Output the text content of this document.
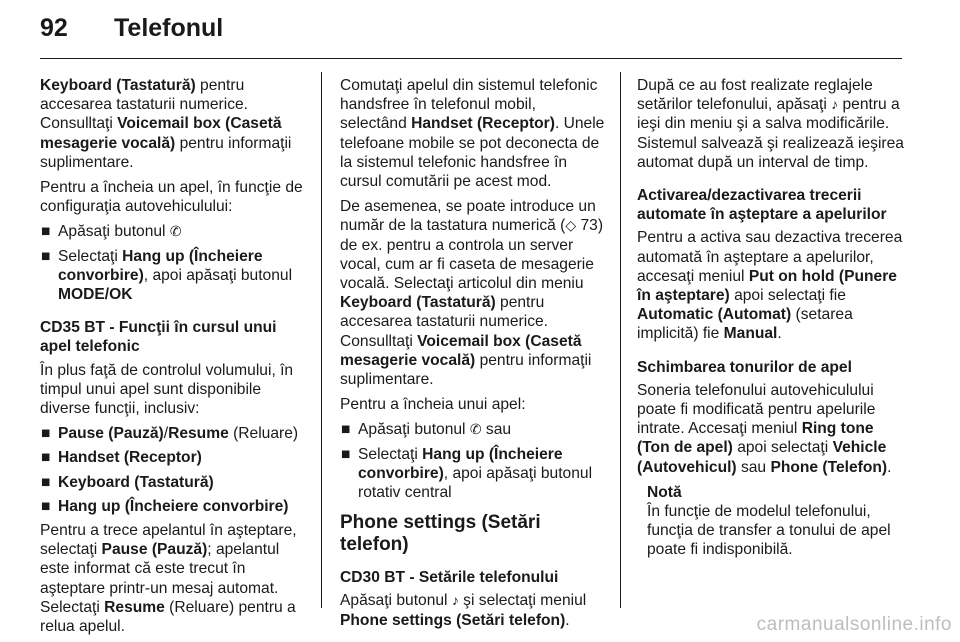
92	Telefonul

Keyboard (Tastatură) pentru accesarea tastaturii numerice. Consulltaţi Voicemail box (Casetă mesagerie vocală) pentru informaţii suplimentare.

Pentru a încheia un apel, în funcţie de configuraţia autovehiculului:

■ Apăsaţi butonul ✆
■ Selectaţi Hang up (Încheiere convorbire), apoi apăsaţi butonul MODE/OK
CD35 BT - Funcţii în cursul unui apel telefonic

În plus faţă de controlul volumului, în timpul unui apel sunt disponibile diverse funcţii, inclusiv:

■ Pause (Pauză)/Resume (Reluare)
■ Handset (Receptor)
■ Keyboard (Tastatură)
■ Hang up (Încheiere convorbire)

Pentru a trece apelantul în aşteptare, selectaţi Pause (Pauză); apelantul este informat că este trecut în aşteptare printr-un mesaj automat. Selectaţi Resume (Reluare) pentru a relua apelul.

Comutaţi apelul din sistemul telefonic handsfree în telefonul mobil, selectând Handset (Receptor). Unele telefoane mobile se pot deconecta de la sistemul telefonic handsfree în cursul comutării pe acest mod.

De asemenea, se poate introduce un număr de la tastatura numerică (◇ 73) de ex. pentru a controla un server vocal, cum ar fi caseta de mesagerie vocală. Selectaţi articolul din meniu Keyboard (Tastatură) pentru accesarea tastaturii numerice. Consulltaţi Voicemail box (Casetă mesagerie vocală) pentru informaţii suplimentare.

Pentru a încheia unui apel:

■ Apăsaţi butonul ✆ sau
■ Selectaţi Hang up (Încheiere convorbire), apoi apăsaţi butonul rotativ central
Phone settings (Setări telefon)
CD30 BT - Setările telefonului

Apăsaţi butonul ♪ şi selectaţi meniul Phone settings (Setări telefon).

După ce au fost realizate reglajele setărilor telefonului, apăsaţi ♪ pentru a ieşi din meniu şi a salva modificările. Sistemul salvează şi realizează ieşirea automat după un interval de timp.

Activarea/dezactivarea trecerii automate în aşteptare a apelurilor

Pentru a activa sau dezactiva trecerea automată în aşteptare a apelurilor, accesaţi meniul Put on hold (Punere în aşteptare) apoi selectaţi fie Automatic (Automat) (setarea implicită) fie Manual.

Schimbarea tonurilor de apel

Soneria telefonului autovehiculului poate fi modificată pentru apelurile intrate. Accesaţi meniul Ring tone (Ton de apel) apoi selectaţi Vehicle (Autovehicul) sau Phone (Telefon).

Notă

În funcţie de modelul telefonului, funcţia de transfer a tonului de apel poate fi indisponibilă.

carmanualsonline.info
